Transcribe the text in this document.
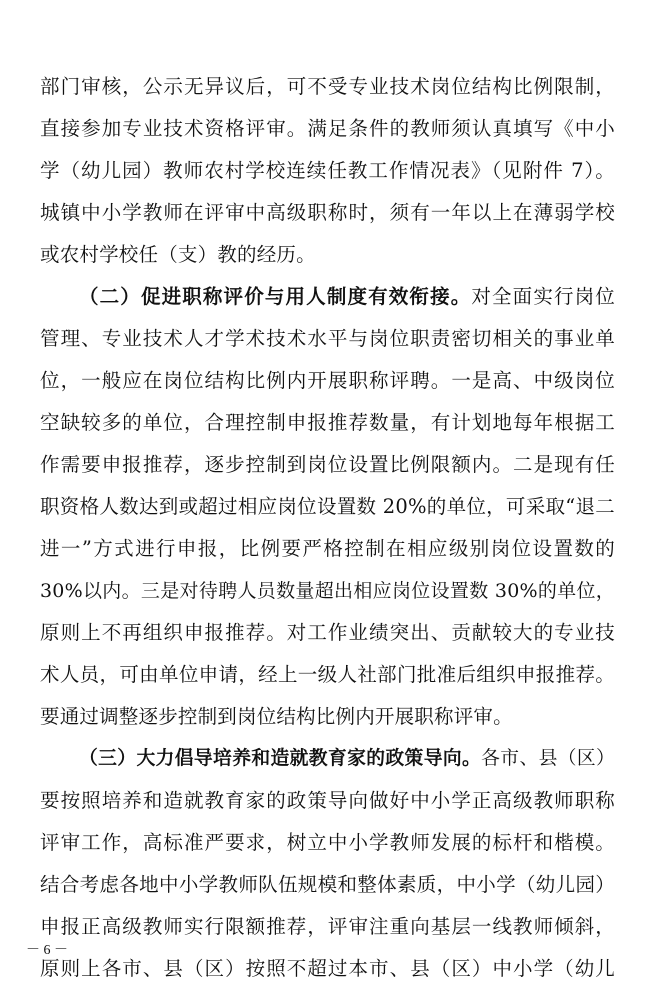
部门审核，公示无异议后，可不受专业技术岗位结构比例限制，
直接参加专业技术资格评审。满足条件的教师须认真填写《中小
学（幼儿园）教师农村学校连续任教工作情况表》（见附件 7）。
城镇中小学教师在评审中高级职称时，须有一年以上在薄弱学校
或农村学校任（支）教的经历。
（二）促进职称评价与用人制度有效衔接。对全面实行岗位
管理、专业技术人才学术技术水平与岗位职责密切相关的事业单
位，一般应在岗位结构比例内开展职称评聘。一是高、中级岗位
空缺较多的单位，合理控制申报推荐数量，有计划地每年根据工
作需要申报推荐，逐步控制到岗位设置比例限额内。二是现有任
职资格人数达到或超过相应岗位设置数 20%的单位，可采取“退二
进一”方式进行申报，比例要严格控制在相应级别岗位设置数的
30%以内。三是对待聘人员数量超出相应岗位设置数 30%的单位，
原则上不再组织申报推荐。对工作业绩突出、贡献较大的专业技
术人员，可由单位申请，经上一级人社部门批准后组织申报推荐。
要通过调整逐步控制到岗位结构比例内开展职称评审。
（三）大力倡导培养和造就教育家的政策导向。各市、县（区）
要按照培养和造就教育家的政策导向做好中小学正高级教师职称
评审工作，高标准严要求，树立中小学教师发展的标杆和楷模。
结合考虑各地中小学教师队伍规模和整体素质，中小学（幼儿园）
申报正高级教师实行限额推荐，评审注重向基层一线教师倾斜，
原则上各市、县（区）按照不超过本市、县（区）中小学（幼儿
－ 6 －
